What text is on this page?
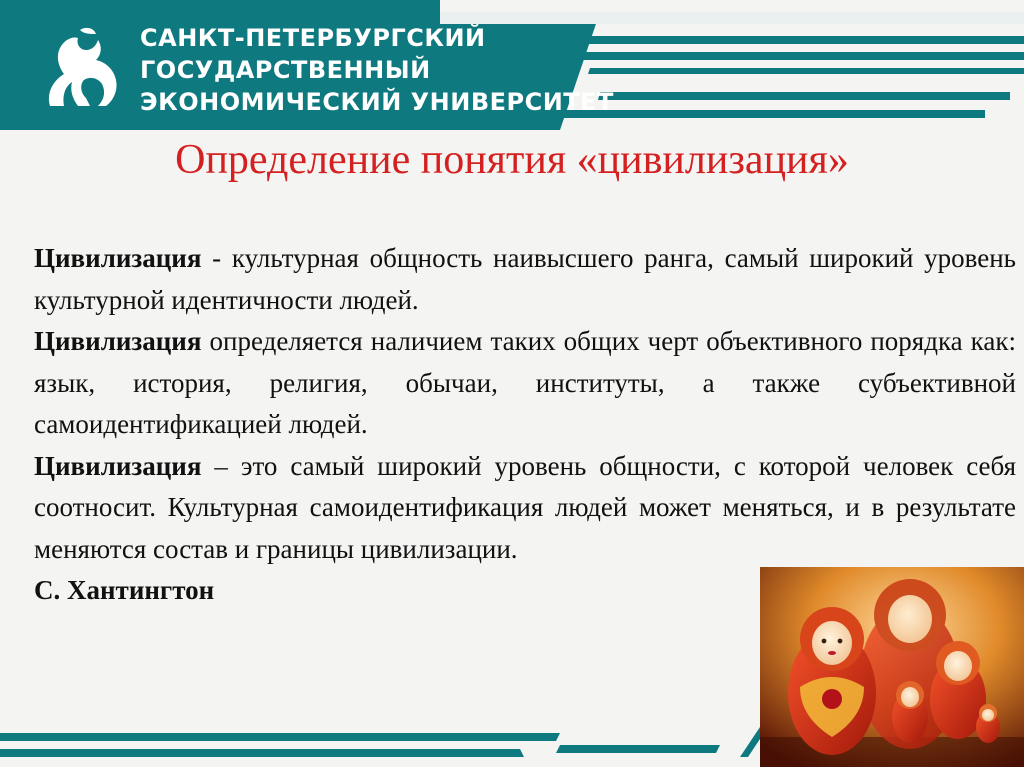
САНКТ-ПЕТЕРБУРГСКИЙ
ГОСУДАРСТВЕННЫЙ
ЭКОНОМИЧЕСКИЙ УНИВЕРСИТЕТ
Определение понятия «цивилизация»

Цивилизация - культурная общность наивысшего ранга, самый широкий уровень культурной идентичности людей.

Цивилизация определяется наличием таких общих черт объективного порядка как: язык, история, религия, обычаи, институты, а также субъективной самоидентификацией людей.

Цивилизация – это самый широкий уровень общности, с которой человек себя соотносит. Культурная самоидентификация людей может меняться, и в результате меняются состав и границы цивилизации.

С. Хантингтон
